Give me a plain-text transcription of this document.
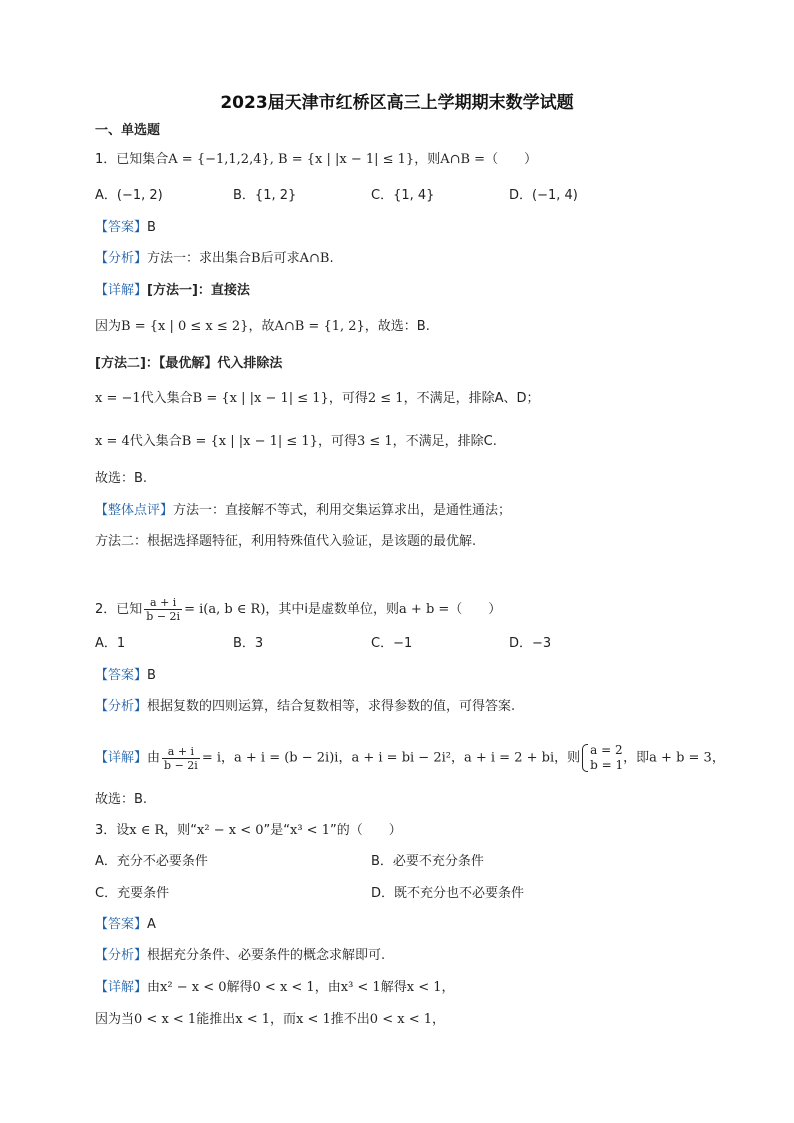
2023届天津市红桥区高三上学期期末数学试题
一、单选题
1．已知集合A = {−1,1,2,4}, B = {x | |x − 1| ≤ 1}，则A∩B =（　　）
A．(−1, 2)	B．{1, 2}	C．{1, 4}	D．(−1, 4)
【答案】B
【分析】方法一：求出集合B后可求A∩B.
【详解】[方法一]：直接法
因为B = {x | 0 ≤ x ≤ 2}，故A∩B = {1, 2}，故选：B.
[方法二]：【最优解】代入排除法
x = −1代入集合B = {x | |x − 1| ≤ 1}，可得2 ≤ 1，不满足，排除A、D；
x = 4代入集合B = {x | |x − 1| ≤ 1}，可得3 ≤ 1，不满足，排除C.
故选：B.
【整体点评】方法一：直接解不等式，利用交集运算求出，是通性通法；
方法二：根据选择题特征，利用特殊值代入验证，是该题的最优解.
2．已知 $\frac{a + i}{b - 2i} = i(a$, b ∈ R)，其中i是虚数单位，则a + b =（　　）
A．1	B．3	C．−1	D．−3
【答案】B
【分析】根据复数的四则运算，结合复数相等，求得参数的值，可得答案.
【详解】由 $\frac{a + i}{b - 2i} = i$，a + i = (b − 2i)i，a + i = bi − 2i²，a + i = 2 + bi，则
a = 2
b = 1 ，即a + b = 3，
故选：B.
3．设x ∈ R，则“x² − x < 0”是“x³ < 1”的（　　）
A．充分不必要条件	B．必要不充分条件
C．充要条件	D．既不充分也不必要条件
【答案】A
【分析】根据充分条件、必要条件的概念求解即可.
【详解】由x² − x < 0解得0 < x < 1，由x³ < 1解得x < 1，
因为当0 < x < 1能推出x < 1，而x < 1推不出0 < x < 1，
